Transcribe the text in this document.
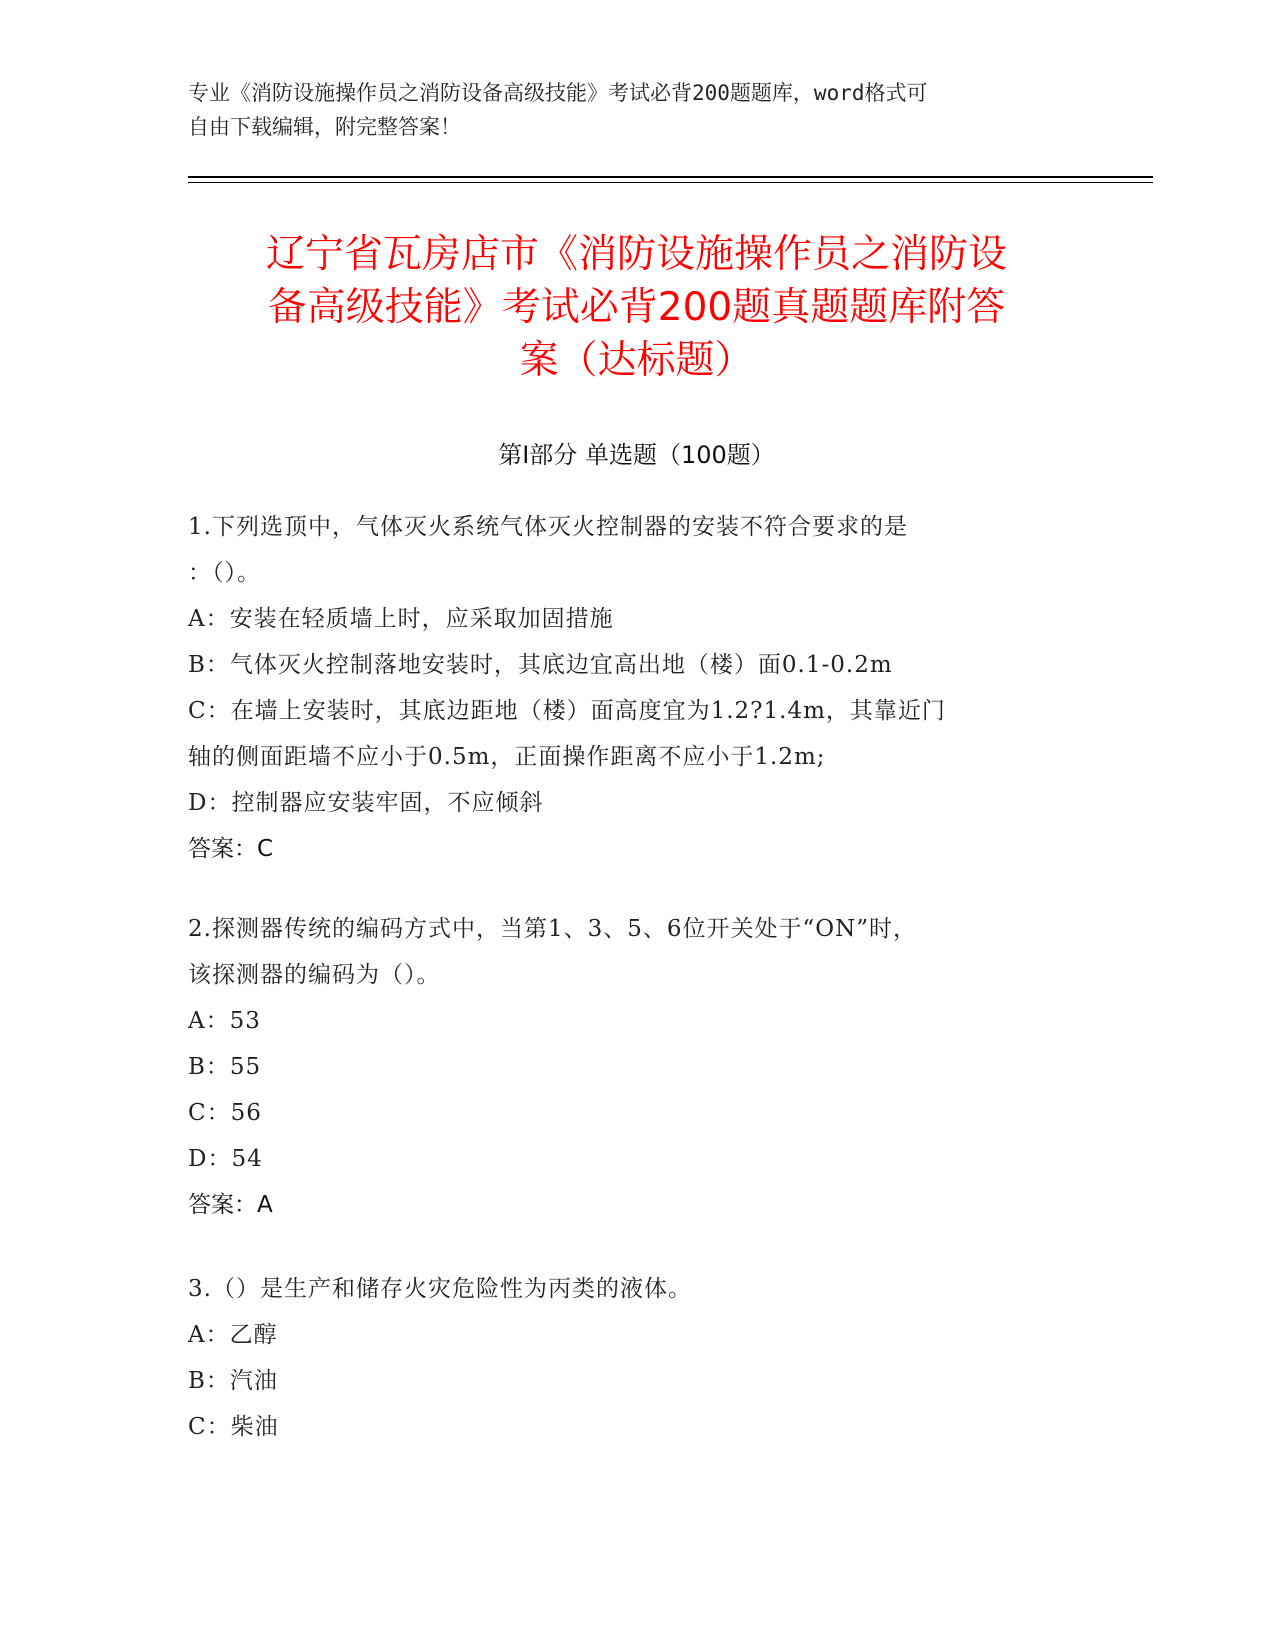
专业《消防设施操作员之消防设备高级技能》考试必背200题题库，word格式可
自由下载编辑，附完整答案！
辽宁省瓦房店市《消防设施操作员之消防设
备高级技能》考试必背200题真题题库附答
案（达标题）
第Ⅰ部分 单选题（100题）
1.下列选顶中，气体灭火系统气体灭火控制器的安装不符合要求的是
：（）。
A：安装在轻质墙上时，应采取加固措施
B：气体灭火控制落地安装时，其底边宜高出地（楼）面0.1-0.2m
C：在墙上安装时，其底边距地（楼）面高度宜为1.2?1.4m，其靠近门
轴的侧面距墙不应小于0.5m，正面操作距离不应小于1.2m;
D：控制器应安装牢固，不应倾斜
答案：C
2.探测器传统的编码方式中，当第1、3、5、6位开关处于“ON”时，
该探测器的编码为（）。
A：53
B：55
C：56
D：54
答案：A
3.（）是生产和储存火灾危险性为丙类的液体。
A：乙醇
B：汽油
C：柴油
